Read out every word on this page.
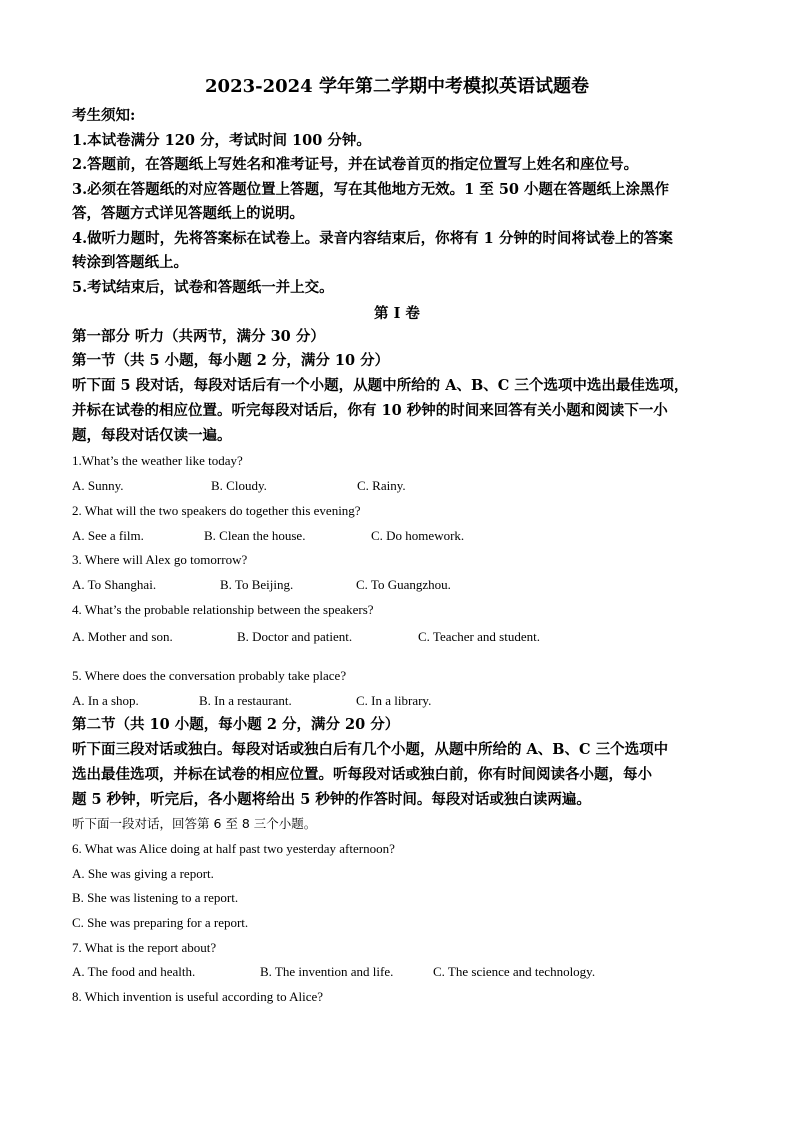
2023-2024 学年第二学期中考模拟英语试题卷
考生须知:
1.本试卷满分 120 分，考试时间 100 分钟。
2.答题前，在答题纸上写姓名和准考证号，并在试卷首页的指定位置写上姓名和座位号。
3.必须在答题纸的对应答题位置上答题，写在其他地方无效。1 至 50 小题在答题纸上涂黑作
答，答题方式详见答题纸上的说明。
4.做听力题时，先将答案标在试卷上。录音内容结束后，你将有 1 分钟的时间将试卷上的答案
转涂到答题纸上。
5.考试结束后，试卷和答题纸一并上交。
第 I 卷
第一部分 听力（共两节，满分 30 分）
第一节（共 5 小题，每小题 2 分，满分 10 分）
听下面 5 段对话，每段对话后有一个小题，从题中所给的 A、B、C 三个选项中选出最佳选项，
并标在试卷的相应位置。听完每段对话后，你有 10 秒钟的时间来回答有关小题和阅读下一小
题，每段对话仅读一遍。
1.What’s the weather like today?
A. Sunny.	B. Cloudy.	C. Rainy.
2. What will the two speakers do together this evening?
A. See a film.	B. Clean the house.	C. Do homework.
3. Where will Alex go tomorrow?
A. To Shanghai.	B. To Beijing.	C. To Guangzhou.
4. What’s the probable relationship between the speakers?
A. Mother and son.	B. Doctor and patient.	C. Teacher and student.
5. Where does the conversation probably take place?
A. In a shop.	B. In a restaurant.	C. In a library.
第二节（共 10 小题，每小题 2 分，满分 20 分）
听下面三段对话或独白。每段对话或独白后有几个小题，从题中所给的 A、B、C 三个选项中
选出最佳选项，并标在试卷的相应位置。听每段对话或独白前，你有时间阅读各小题，每小
题 5 秒钟，听完后，各小题将给出 5 秒钟的作答时间。每段对话或独白读两遍。
听下面一段对话，回答第 6 至 8 三个小题。
6. What was Alice doing at half past two yesterday afternoon?
A. She was giving a report.
B. She was listening to a report.
C. She was preparing for a report.
7. What is the report about?
A. The food and health.	B. The invention and life.	C. The science and technology.
8. Which invention is useful according to Alice?
